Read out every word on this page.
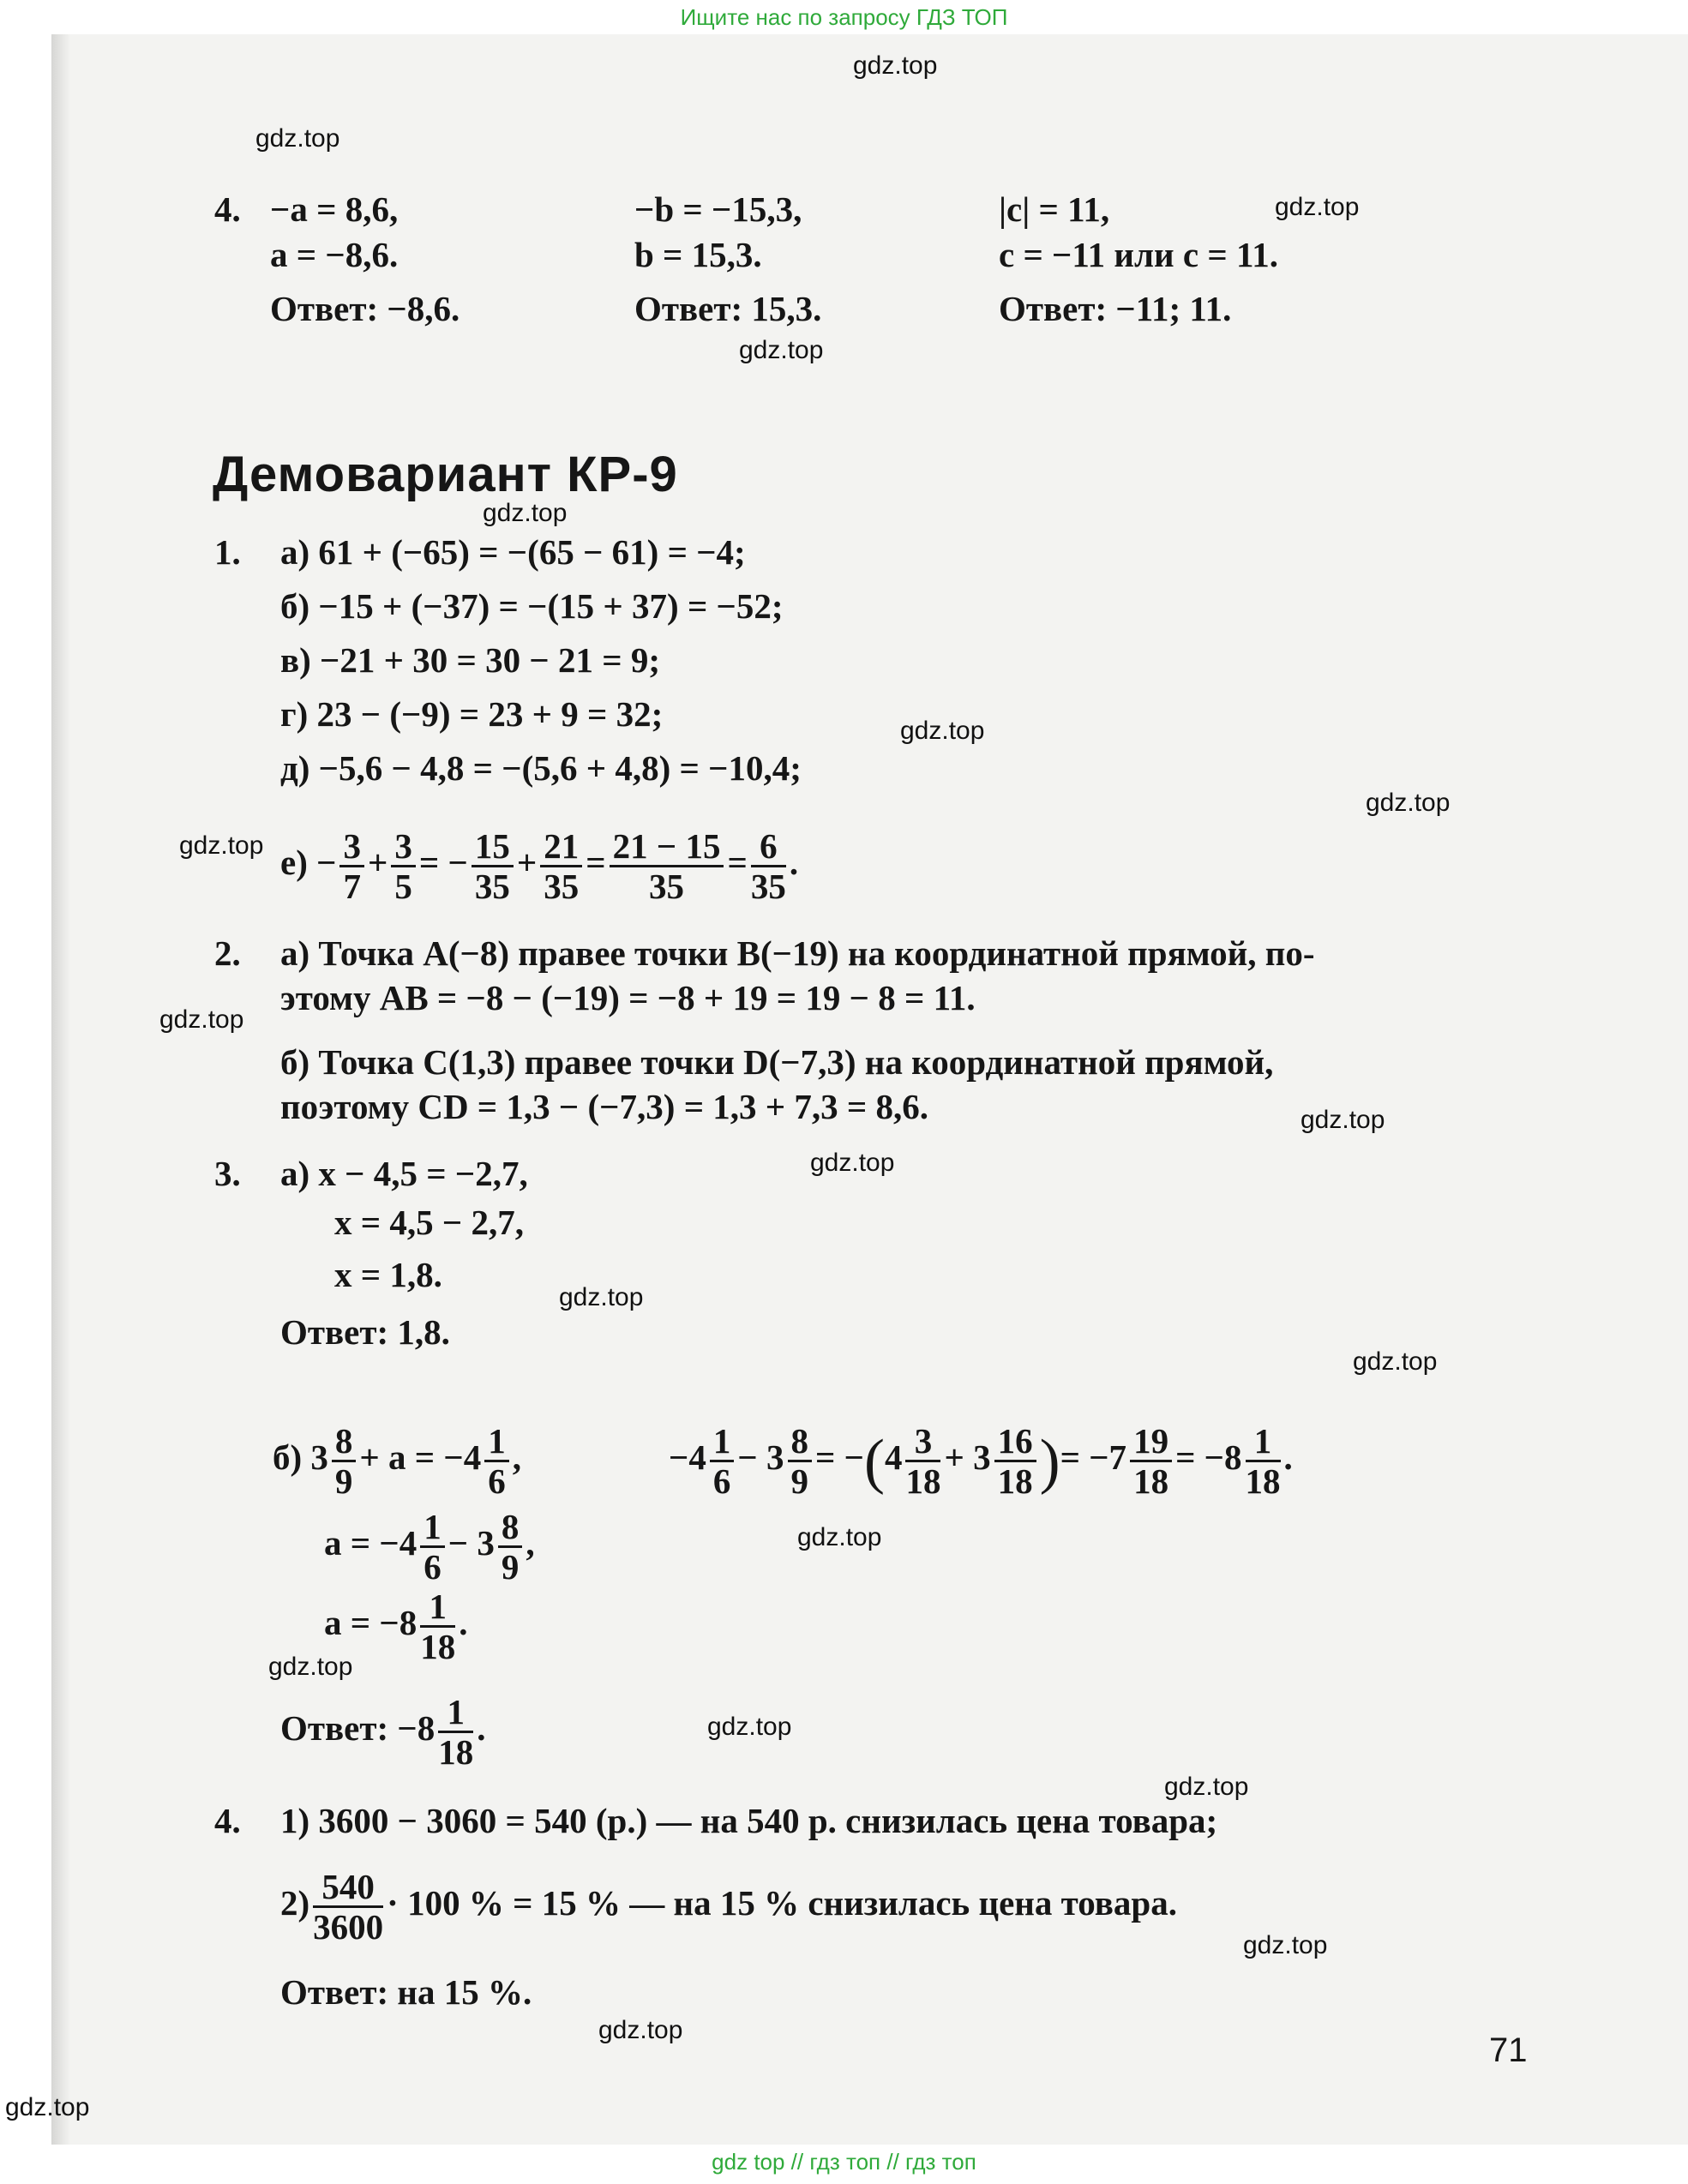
Ищите нас по запросу ГДЗ ТОП
gdz.top
gdz.top
gdz.top
gdz.top
gdz.top
gdz.top
gdz.top
gdz.top
gdz.top
gdz.top
gdz.top
gdz.top
gdz.top
gdz.top
gdz.top
gdz.top
gdz.top
gdz.top
gdz.top
gdz.top
4. −a = 8,6,
a = −8,6.
Ответ: −8,6.
−b = −15,3,
b = 15,3.
Ответ: 15,3.
|c| = 11,
c = −11 или c = 11.
Ответ: −11; 11.
Демовариант КР-9
1. а) 61 + (−65) = −(65 − 61) = −4;
б) −15 + (−37) = −(15 + 37) = −52;
в) −21 + 30 = 30 − 21 = 9;
г) 23 − (−9) = 23 + 9 = 32;
д) −5,6 − 4,8 = −(5,6 + 4,8) = −10,4;
$е) - \frac{3}{7} + \frac{3}{5}$ = − $\frac{15}{35} + \frac{21}{35} = \frac{21 - 15}{35} = \frac{6}{35}$ .
2. а) Точка A(−8) правее точки B(−19) на координатной прямой, по-
этому AB = −8 − (−19) = −8 + 19 = 19 − 8 = 11.
б) Точка C(1,3) правее точки D(−7,3) на координатной прямой,
поэтому CD = 1,3 − (−7,3) = 1,3 + 7,3 = 8,6.
3. а) x − 4,5 = −2,7,
x = 4,5 − 2,7,
x = 1,8.
Ответ: 1,8.
б) $3 \frac{8}{9} + a = -4 \frac{1}{6}$ ,	$-4 \frac{1}{6} - 3 \frac{8}{9} = -(4 \frac{3}{18} + 3 \frac{16}{18}$ )= $-7 \frac{19}{18} = -8 \frac{1}{18}$ .
$a = -4 \frac{1}{6} - 3 \frac{8}{9}$ ,
$a = -8 \frac{1}{18}$ .
Ответ: $-8 \frac{1}{18}$ .
4. 1) 3600 − 3060 = 540 (р.) — на 540 р. снизилась цена товара;
$2) \frac{540}{3600} \cdot 100$ % = 15 % — на 15 % снизилась цена товара.
Ответ: на 15 %.
71
gdz top // гдз топ // гдз топ
